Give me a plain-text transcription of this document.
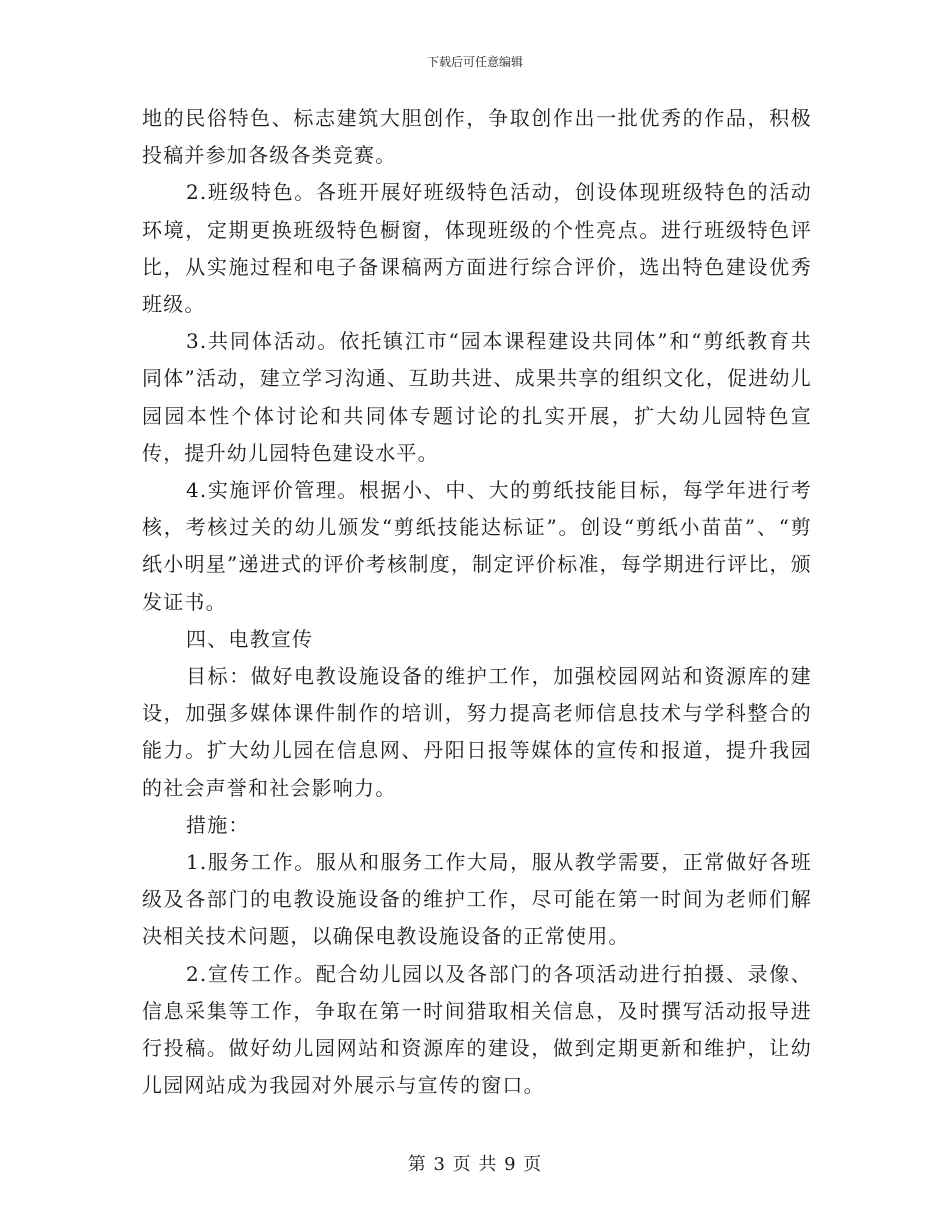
下载后可任意编辑

地的民俗特色、标志建筑大胆创作，争取创作出一批优秀的作品，积极投稿并参加各级各类竞赛。

2.班级特色。各班开展好班级特色活动，创设体现班级特色的活动环境，定期更换班级特色橱窗，体现班级的个性亮点。进行班级特色评比，从实施过程和电子备课稿两方面进行综合评价，选出特色建设优秀班级。

3.共同体活动。依托镇江市“园本课程建设共同体”和“剪纸教育共同体”活动，建立学习沟通、互助共进、成果共享的组织文化，促进幼儿园园本性个体讨论和共同体专题讨论的扎实开展，扩大幼儿园特色宣传，提升幼儿园特色建设水平。

4.实施评价管理。根据小、中、大的剪纸技能目标，每学年进行考核，考核过关的幼儿颁发“剪纸技能达标证”。创设“剪纸小苗苗”、“剪纸小明星”递进式的评价考核制度，制定评价标准，每学期进行评比，颁发证书。

四、电教宣传

目标：做好电教设施设备的维护工作，加强校园网站和资源库的建设，加强多媒体课件制作的培训，努力提高老师信息技术与学科整合的能力。扩大幼儿园在信息网、丹阳日报等媒体的宣传和报道，提升我园的社会声誉和社会影响力。

措施：

1.服务工作。服从和服务工作大局，服从教学需要，正常做好各班级及各部门的电教设施设备的维护工作，尽可能在第一时间为老师们解决相关技术问题，以确保电教设施设备的正常使用。

2.宣传工作。配合幼儿园以及各部门的各项活动进行拍摄、录像、信息采集等工作，争取在第一时间猎取相关信息，及时撰写活动报导进行投稿。做好幼儿园网站和资源库的建设，做到定期更新和维护，让幼儿园网站成为我园对外展示与宣传的窗口。

第 3 页 共 9 页
